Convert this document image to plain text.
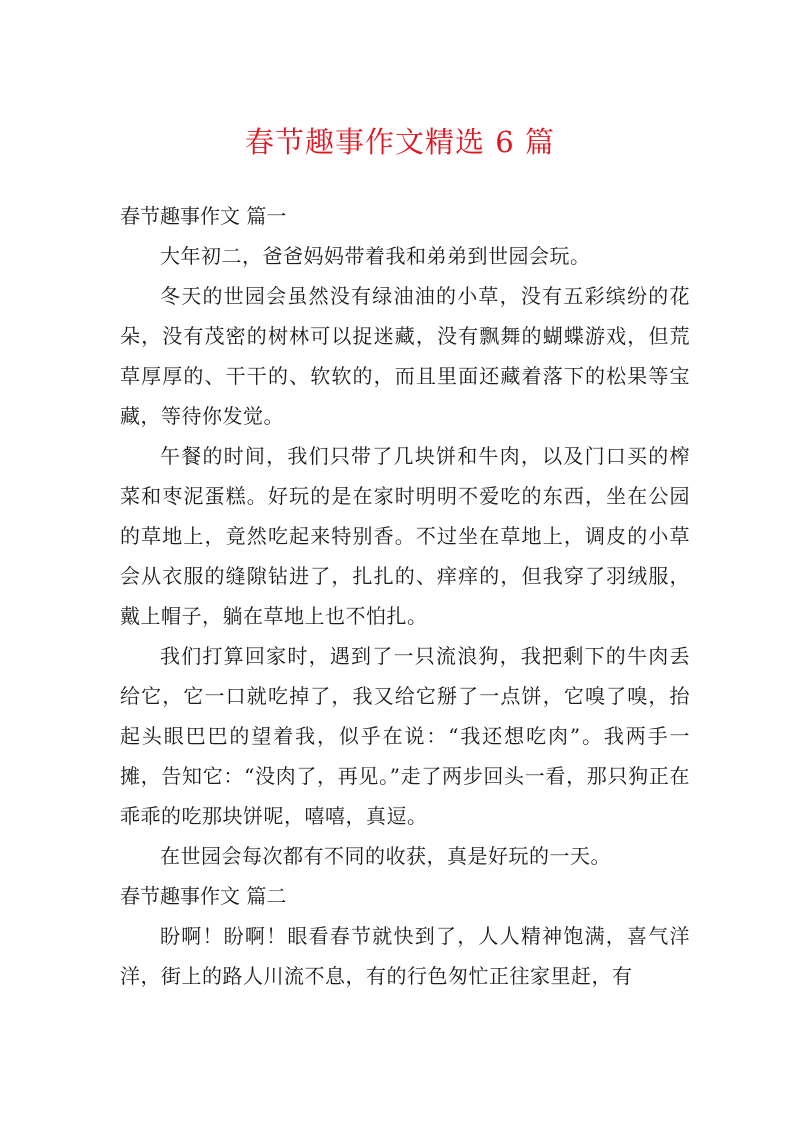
春节趣事作文精选 6 篇
春节趣事作文 篇一

大年初二，爸爸妈妈带着我和弟弟到世园会玩。

冬天的世园会虽然没有绿油油的小草，没有五彩缤纷的花朵，没有茂密的树林可以捉迷藏，没有飘舞的蝴蝶游戏，但荒草厚厚的、干干的、软软的，而且里面还藏着落下的松果等宝藏，等待你发觉。

午餐的时间，我们只带了几块饼和牛肉，以及门口买的榨菜和枣泥蛋糕。好玩的是在家时明明不爱吃的东西，坐在公园的草地上，竟然吃起来特别香。不过坐在草地上，调皮的小草会从衣服的缝隙钻进了，扎扎的、痒痒的，但我穿了羽绒服，戴上帽子，躺在草地上也不怕扎。

我们打算回家时，遇到了一只流浪狗，我把剩下的牛肉丢给它，它一口就吃掉了，我又给它掰了一点饼，它嗅了嗅，抬起头眼巴巴的望着我，似乎在说：“我还想吃肉”。我两手一摊，告知它：“没肉了，再见。”走了两步回头一看，那只狗正在乖乖的吃那块饼呢，嘻嘻，真逗。

在世园会每次都有不同的收获，真是好玩的一天。

春节趣事作文 篇二

盼啊！盼啊！眼看春节就快到了，人人精神饱满，喜气洋洋，街上的路人川流不息，有的行色匆忙正往家里赶，有
